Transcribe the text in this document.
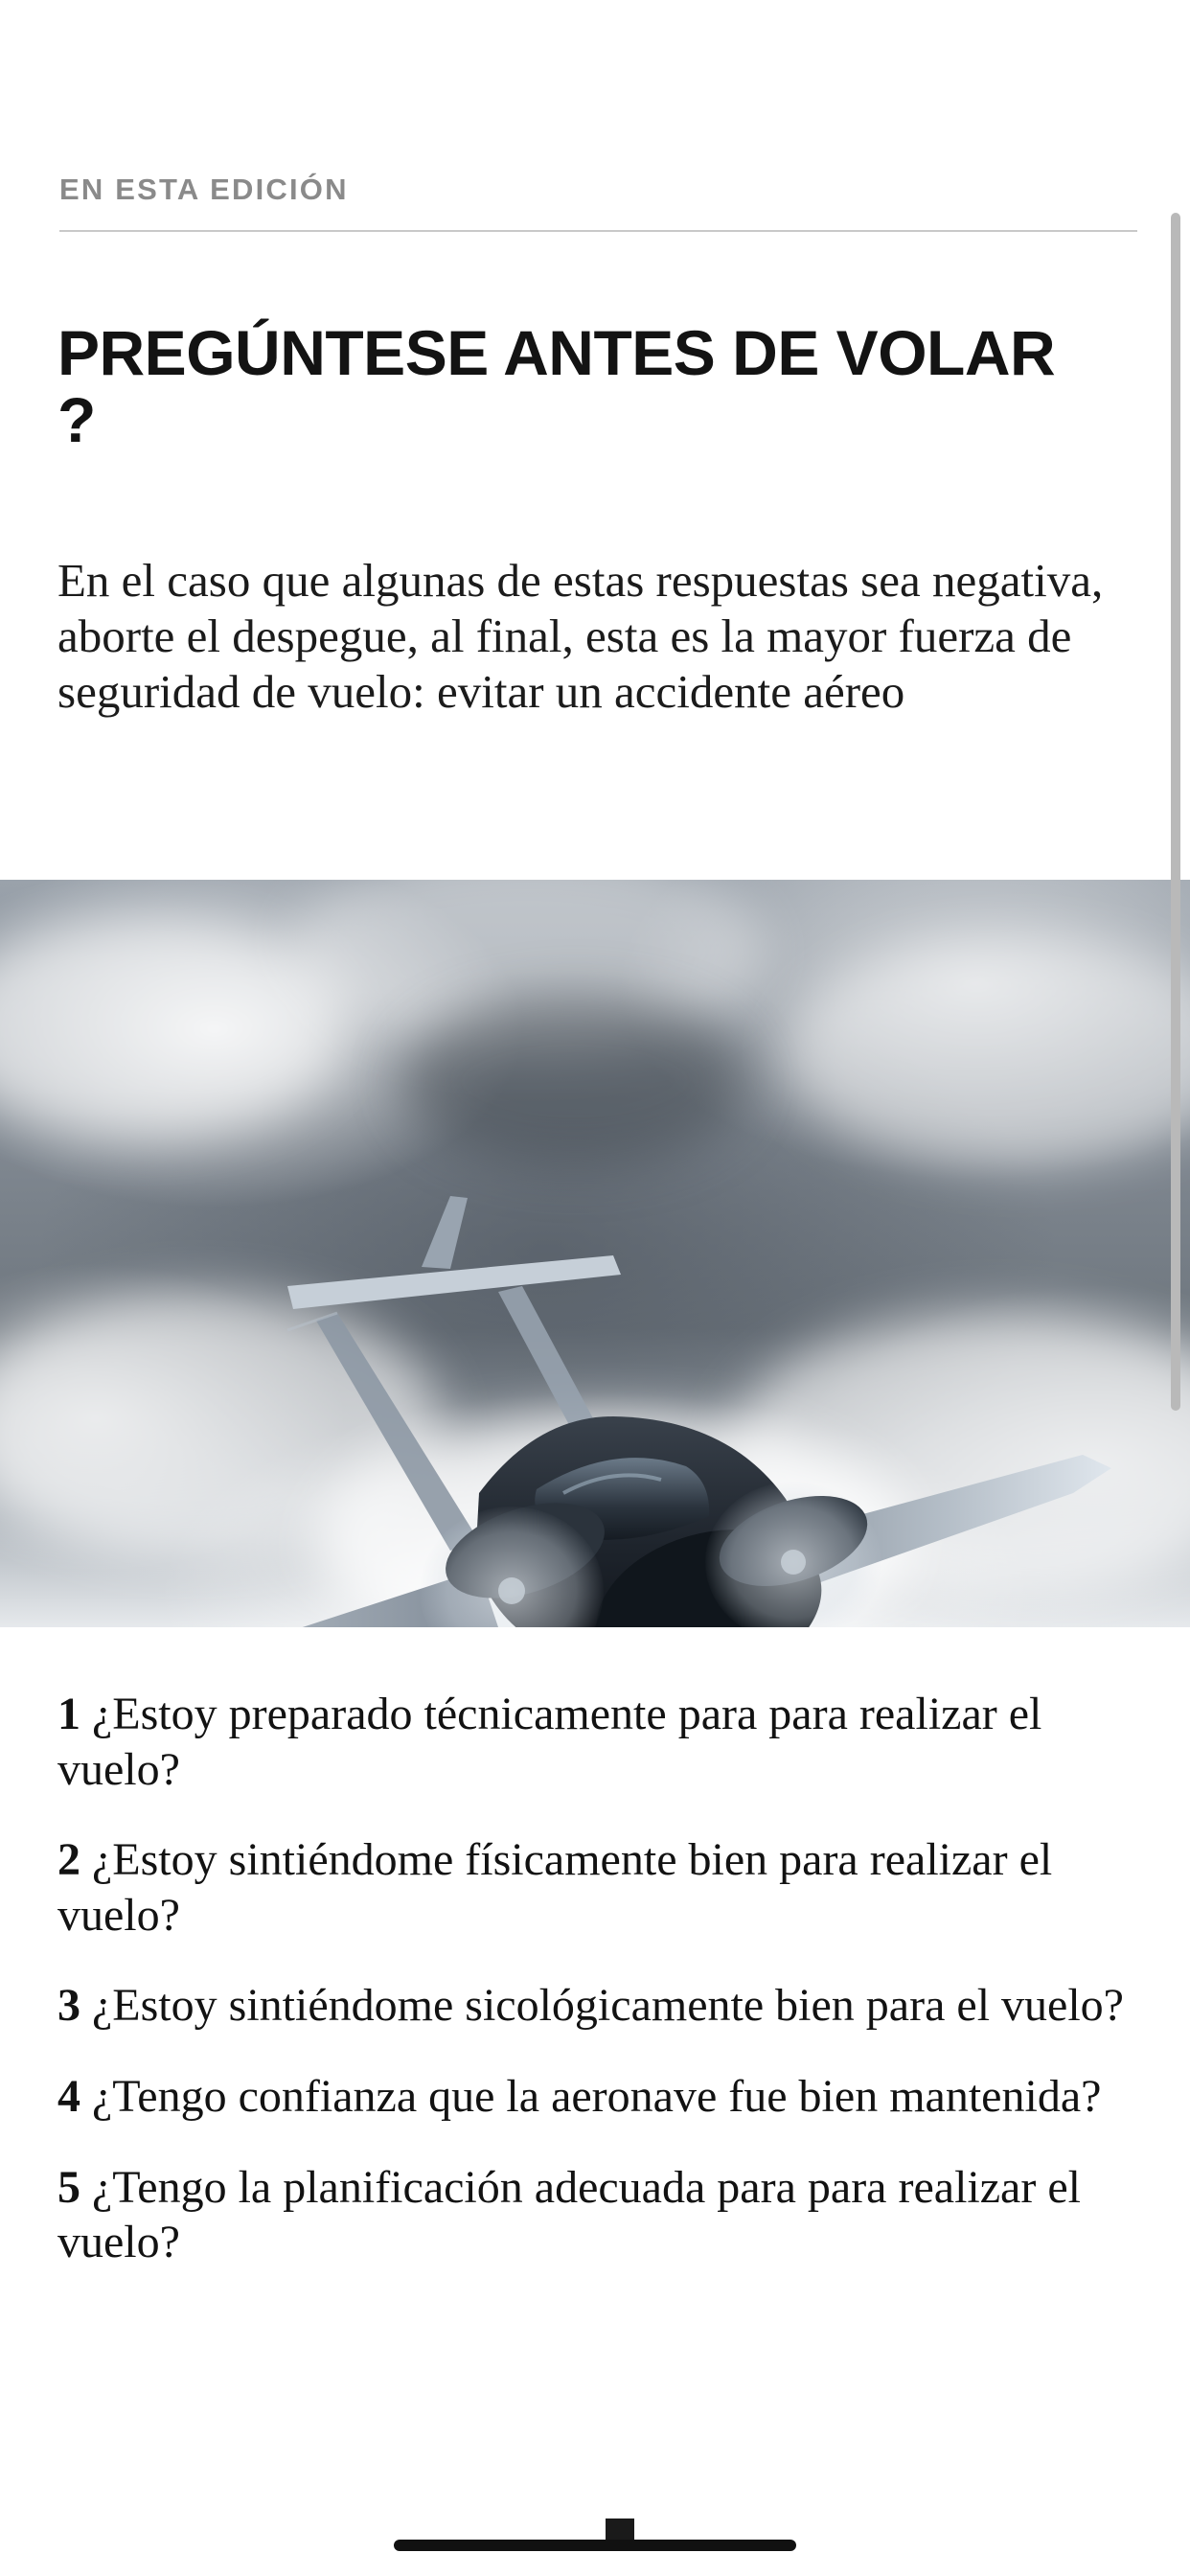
EN ESTA EDICIÓN
PREGÚNTESE ANTES DE VOLAR ?

En el caso que algunas de estas respuestas sea negativa, aborte el despegue, al final, esta es la mayor fuerza de seguridad de vuelo: evitar un accidente aéreo

1 ¿Estoy preparado técnicamente para para realizar el vuelo?
2 ¿Estoy sintiéndome físicamente bien para realizar el vuelo?
3 ¿Estoy sintiéndome sicológicamente bien para el vuelo?
4 ¿Tengo confianza que la aeronave fue bien mantenida?
5 ¿Tengo la planificación adecuada para para realizar el vuelo?
